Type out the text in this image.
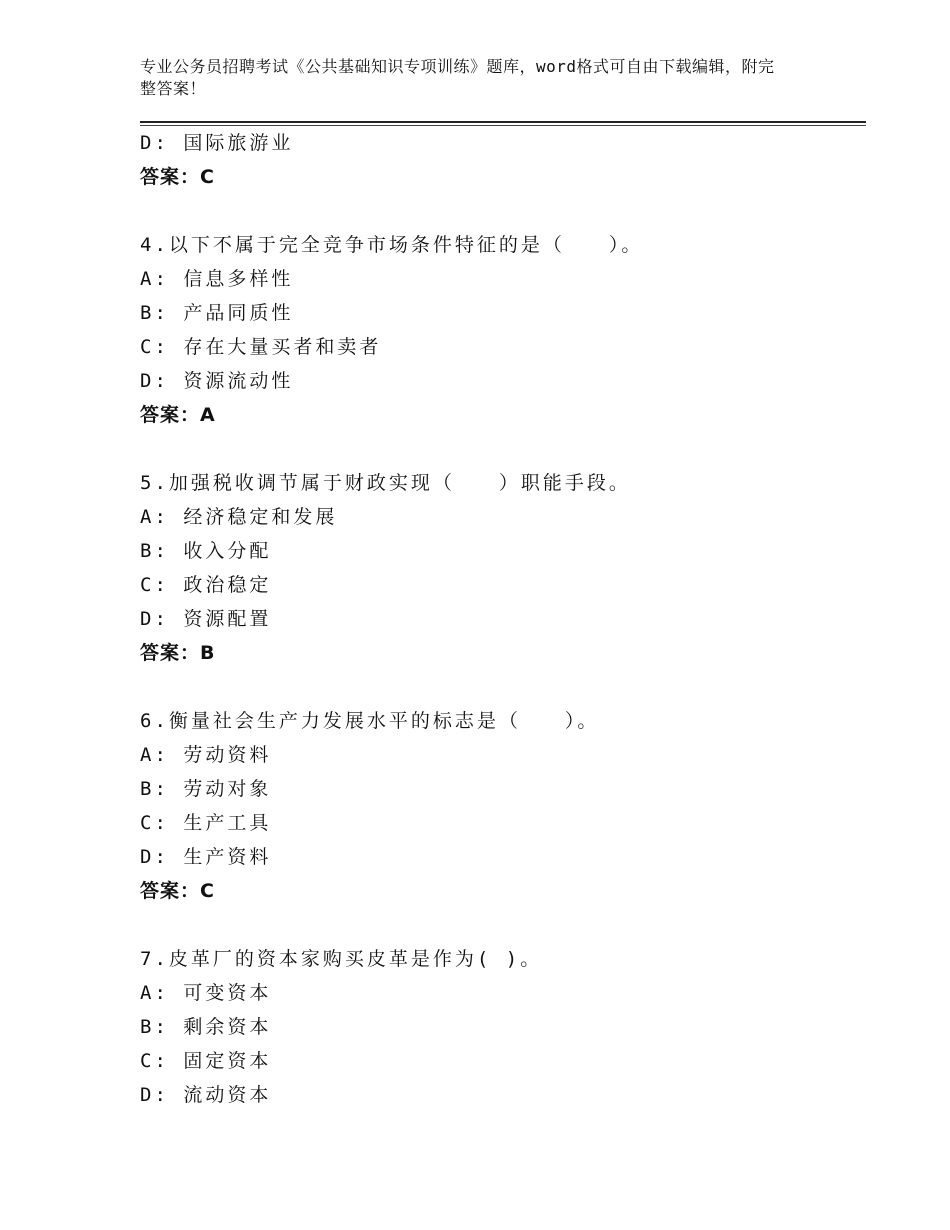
专业公务员招聘考试《公共基础知识专项训练》题库，word格式可自由下载编辑，附完整答案！
D: 国际旅游业
答案：C
4.以下不属于完全竞争市场条件特征的是（　　）。
A: 信息多样性
B: 产品同质性
C: 存在大量买者和卖者
D: 资源流动性
答案：A
5.加强税收调节属于财政实现（　　）职能手段。
A: 经济稳定和发展
B: 收入分配
C: 政治稳定
D: 资源配置
答案：B
6.衡量社会生产力发展水平的标志是（　　）。
A: 劳动资料
B: 劳动对象
C: 生产工具
D: 生产资料
答案：C
7.皮革厂的资本家购买皮革是作为( )。
A: 可变资本
B: 剩余资本
C: 固定资本
D: 流动资本
